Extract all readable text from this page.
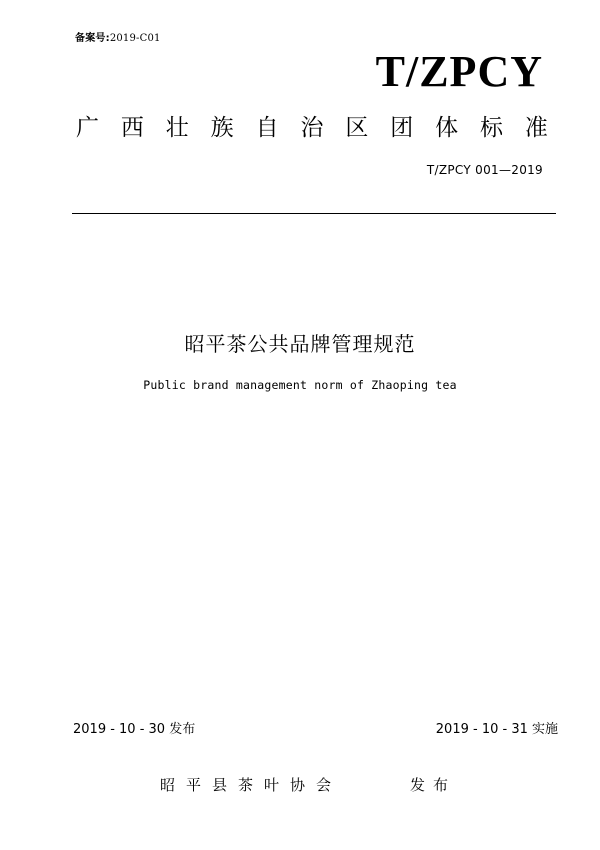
备案号:2019-C01
T/ZPCY
广 西 壮 族 自 治 区 团 体 标 准
T/ZPCY 001—2019
昭平茶公共品牌管理规范
Public brand management norm of Zhaoping tea
2019 - 10 - 30 发布	2019 - 10 - 31 实施
昭平县茶叶协会	发布
